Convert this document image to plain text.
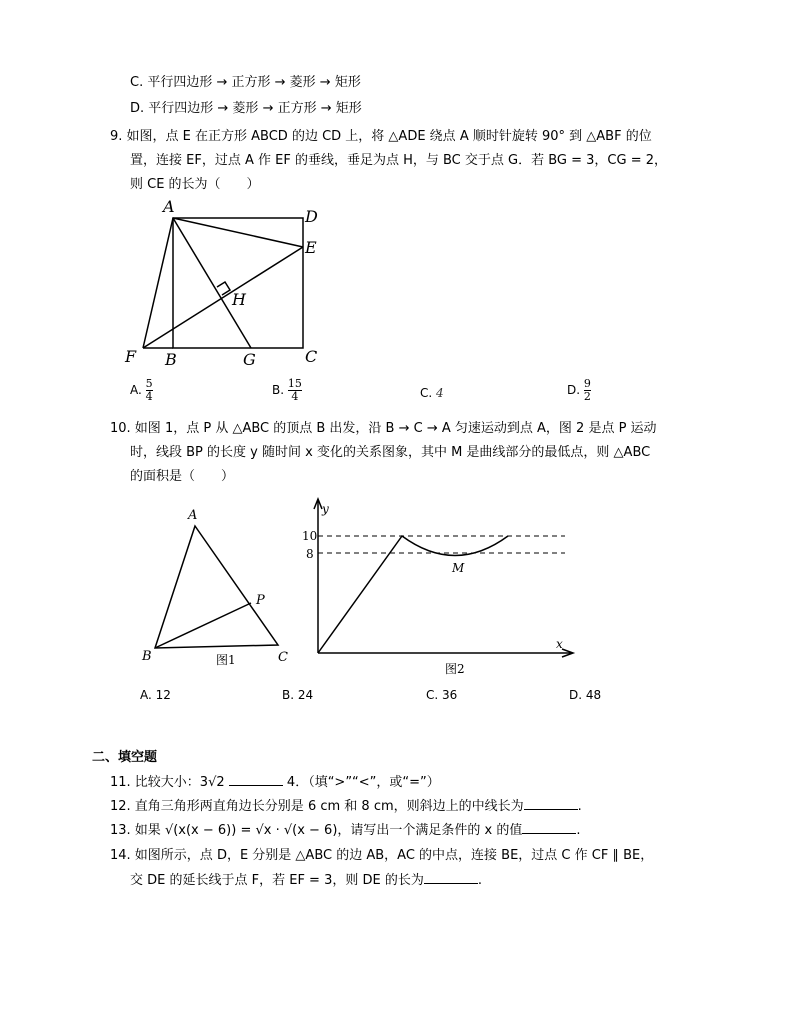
C. 平行四边形 → 正方形 → 菱形 → 矩形
D. 平行四边形 → 菱形 → 正方形 → 矩形
9. 如图，点 E 在正方形 ABCD 的边 CD 上，将 △ADE 绕点 A 顺时针旋转 90° 到 △ABF 的位
置，连接 EF，过点 A 作 EF 的垂线，垂足为点 H，与 BC 交于点 G．若 BG = 3，CG = 2，
则 CE 的长为（　　）
A
D
E
H
F B	G	C
A. $\frac{5}{4}$	B. $\frac{15}{4}$	C. 4	D. $\frac{9}{2}$
10. 如图 1，点 P 从 △ABC 的顶点 B 出发，沿 B → C → A 匀速运动到点 A，图 2 是点 P 运动
时，线段 BP 的长度 y 随时间 x 变化的关系图象，其中 M 是曲线部分的最低点，则 △ABC
的面积是（　　）
A
B	C
P
图1
y
x
10
8
M
图2
A. 12	B. 24	C. 36	D. 48
二、填空题
11. 比较大小：3√2	4．（填“>”“<”，或“=”）
12. 直角三角形两直角边长分别是 6 cm 和 8 cm，则斜边上的中线长为	.
13. 如果 √(x(x − 6)) = √x · √(x − 6)，请写出一个满足条件的 x 的值	.
14. 如图所示，点 D，E 分别是 △ABC 的边 AB，AC 的中点，连接 BE，过点 C 作 CF ∥ BE，
交 DE 的延长线于点 F，若 EF = 3，则 DE 的长为	.
